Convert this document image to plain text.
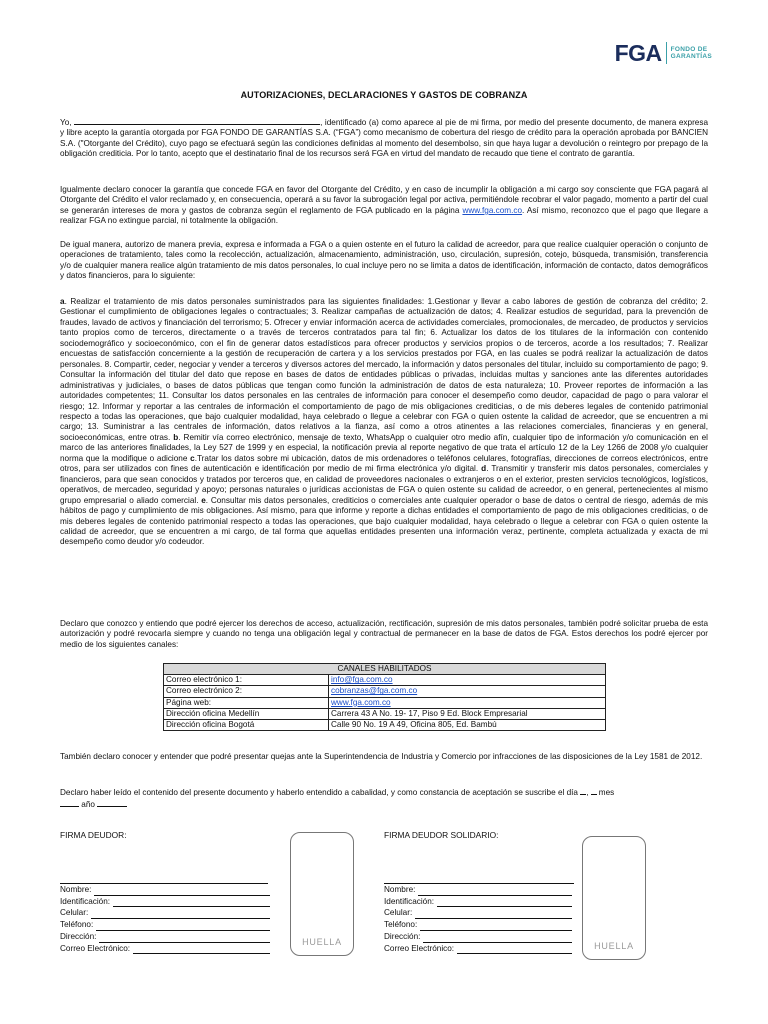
FGA FONDO DE
GARANTÍAS
AUTORIZACIONES, DECLARACIONES Y GASTOS DE COBRANZA
Yo,	, identificado (a) como aparece al pie de mi firma, por medio del presente documento, de manera expresa y libre acepto la garantía otorgada por FGA FONDO DE GARANTÍAS S.A. (“FGA”) como mecanismo de cobertura del riesgo de crédito para la operación aprobada por BANCIEN S.A. ("Otorgante del Crédito), cuyo pago se efectuará según las condiciones definidas al momento del desembolso, sin que haya lugar a devolución o reintegro por prepago de la obligación crediticia. Por lo tanto, acepto que el destinatario final de los recursos será FGA en virtud del mandato de recaudo que tiene el contrato de garantía.
Igualmente declaro conocer la garantía que concede FGA en favor del Otorgante del Crédito, y en caso de incumplir la obligación a mi cargo soy consciente que FGA pagará al Otorgante del Crédito el valor reclamado y, en consecuencia, operará a su favor la subrogación legal por activa, permitiéndole recobrar el valor pagado, momento a partir del cual se generarán intereses de mora y gastos de cobranza según el reglamento de FGA publicado en la página www.fga.com.co. Así mismo, reconozco que el pago que llegare a realizar FGA no extingue parcial, ni totalmente la obligación.
De igual manera, autorizo de manera previa, expresa e informada a FGA o a quien ostente en el futuro la calidad de acreedor, para que realice cualquier operación o conjunto de operaciones de tratamiento, tales como la recolección, actualización, almacenamiento, administración, uso, circulación, supresión, cotejo, búsqueda, transmisión, transferencia y/o de cualquier manera realice algún tratamiento de mis datos personales, lo cual incluye pero no se limita a datos de identificación, información de contacto, datos demográficos y datos financieros, para lo siguiente:
a. Realizar el tratamiento de mis datos personales suministrados para las siguientes finalidades: 1.Gestionar y llevar a cabo labores de gestión de cobranza del crédito; 2. Gestionar el cumplimiento de obligaciones legales o contractuales; 3. Realizar campañas de actualización de datos; 4. Realizar estudios de seguridad, para la prevención de fraudes, lavado de activos y financiación del terrorismo; 5. Ofrecer y enviar información acerca de actividades comerciales, promocionales, de mercadeo, de productos y servicios tanto propios como de terceros, directamente o a través de terceros contratados para tal fin; 6. Actualizar los datos de los titulares de la información con contenido sociodemográfico y socioeconómico, con el fin de generar datos estadísticos para ofrecer productos y servicios propios o de terceros, acorde a los resultados; 7. Realizar encuestas de satisfacción concerniente a la gestión de recuperación de cartera y a los servicios prestados por FGA, en las cuales se podrá realizar la actualización de datos personales. 8. Compartir, ceder, negociar y vender a terceros y diversos actores del mercado, la información y datos personales del titular, incluido su comportamiento de pago; 9. Consultar la información del titular del dato que repose en bases de datos de entidades públicas o privadas, incluidas multas y sanciones ante las diferentes autoridades administrativas y judiciales, o bases de datos públicas que tengan como función la administración de datos de esta naturaleza; 10. Proveer reportes de información a las autoridades competentes; 11. Consultar los datos personales en las centrales de información para conocer el desempeño como deudor, capacidad de pago o para valorar el riesgo; 12. Informar y reportar a las centrales de información el comportamiento de pago de mis obligaciones crediticias, o de mis deberes legales de contenido patrimonial respecto a todas las operaciones, que bajo cualquier modalidad, haya celebrado o llegue a celebrar con FGA o quien ostente la calidad de acreedor, que se encuentren a mi cargo; 13. Suministrar a las centrales de información, datos relativos a la fianza, así como a otros atinentes a las relaciones comerciales, financieras y en general, socioeconómicas, entre otras. b. Remitir vía correo electrónico, mensaje de texto, WhatsApp o cualquier otro medio afín, cualquier tipo de información y/o comunicación en el marco de las anteriores finalidades, la Ley 527 de 1999 y en especial, la notificación previa al reporte negativo de que trata el artículo 12 de la Ley 1266 de 2008 y/o cualquier norma que la modifique o adicione c.Tratar los datos sobre mi ubicación, datos de mis ordenadores o teléfonos celulares, fotografías, direcciones de correos electrónicos, entre otros, para ser utilizados con fines de autenticación e identificación por medio de mi firma electrónica y/o digital. d. Transmitir y transferir mis datos personales, comerciales y financieros, para que sean conocidos y tratados por terceros que, en calidad de proveedores nacionales o extranjeros o en el exterior, presten servicios tecnológicos, logísticos, operativos, de mercadeo, seguridad y apoyo; personas naturales o jurídicas accionistas de FGA o quien ostente su calidad de acreedor, o en general, pertenecientes al mismo grupo empresarial o aliado comercial. e. Consultar mis datos personales, crediticios o comerciales ante cualquier operador o base de datos o central de riesgo, además de mis hábitos de pago y cumplimiento de mis obligaciones. Así mismo, para que informe y reporte a dichas entidades el comportamiento de pago de mis obligaciones crediticias, o de mis deberes legales de contenido patrimonial respecto a todas las operaciones, que bajo cualquier modalidad, haya celebrado o llegue a celebrar con FGA o quien ostente la calidad de acreedor, que se encuentren a mi cargo, de tal forma que aquellas entidades presenten una información veraz, pertinente, completa actualizada y exacta de mi desempeño como deudor y/o codeudor.
Declaro que conozco y entiendo que podré ejercer los derechos de acceso, actualización, rectificación, supresión de mis datos personales, también podré solicitar prueba de esta autorización y podré revocarla siempre y cuando no tenga una obligación legal y contractual de permanecer en la base de datos de FGA. Estos derechos los podré ejercer por medio de los siguientes canales:
CANALES HABILITADOS	
Correo electrónico 1:	info@fga.com.co
Correo electrónico 2:	cobranzas@fga.com.co
Página web:	www.fga.com.co
Dirección oficina Medellín	Carrera 43 A No. 19- 17, Piso 9 Ed. Block Empresarial
Dirección oficina Bogotá	Calle 90 No. 19 A 49, Oficina 805, Ed. Bambú
También declaro conocer y entender que podré presentar quejas ante la Superintendencia de Industria y Comercio por infracciones de las disposiciones de la Ley 1581 de 2012.
Declaro haber leído el contenido del presente documento y haberlo entendido a cabalidad, y como constancia de aceptación se suscribe el día , mes
año
FIRMA DEUDOR:
Nombre:
Identificación:
Celular:
Teléfono:
Dirección:
Correo Electrónico:
HUELLA
FIRMA DEUDOR SOLIDARIO:
Nombre:
Identificación:
Celular:
Teléfono:
Dirección:
Correo Electrónico:	HUELLA
